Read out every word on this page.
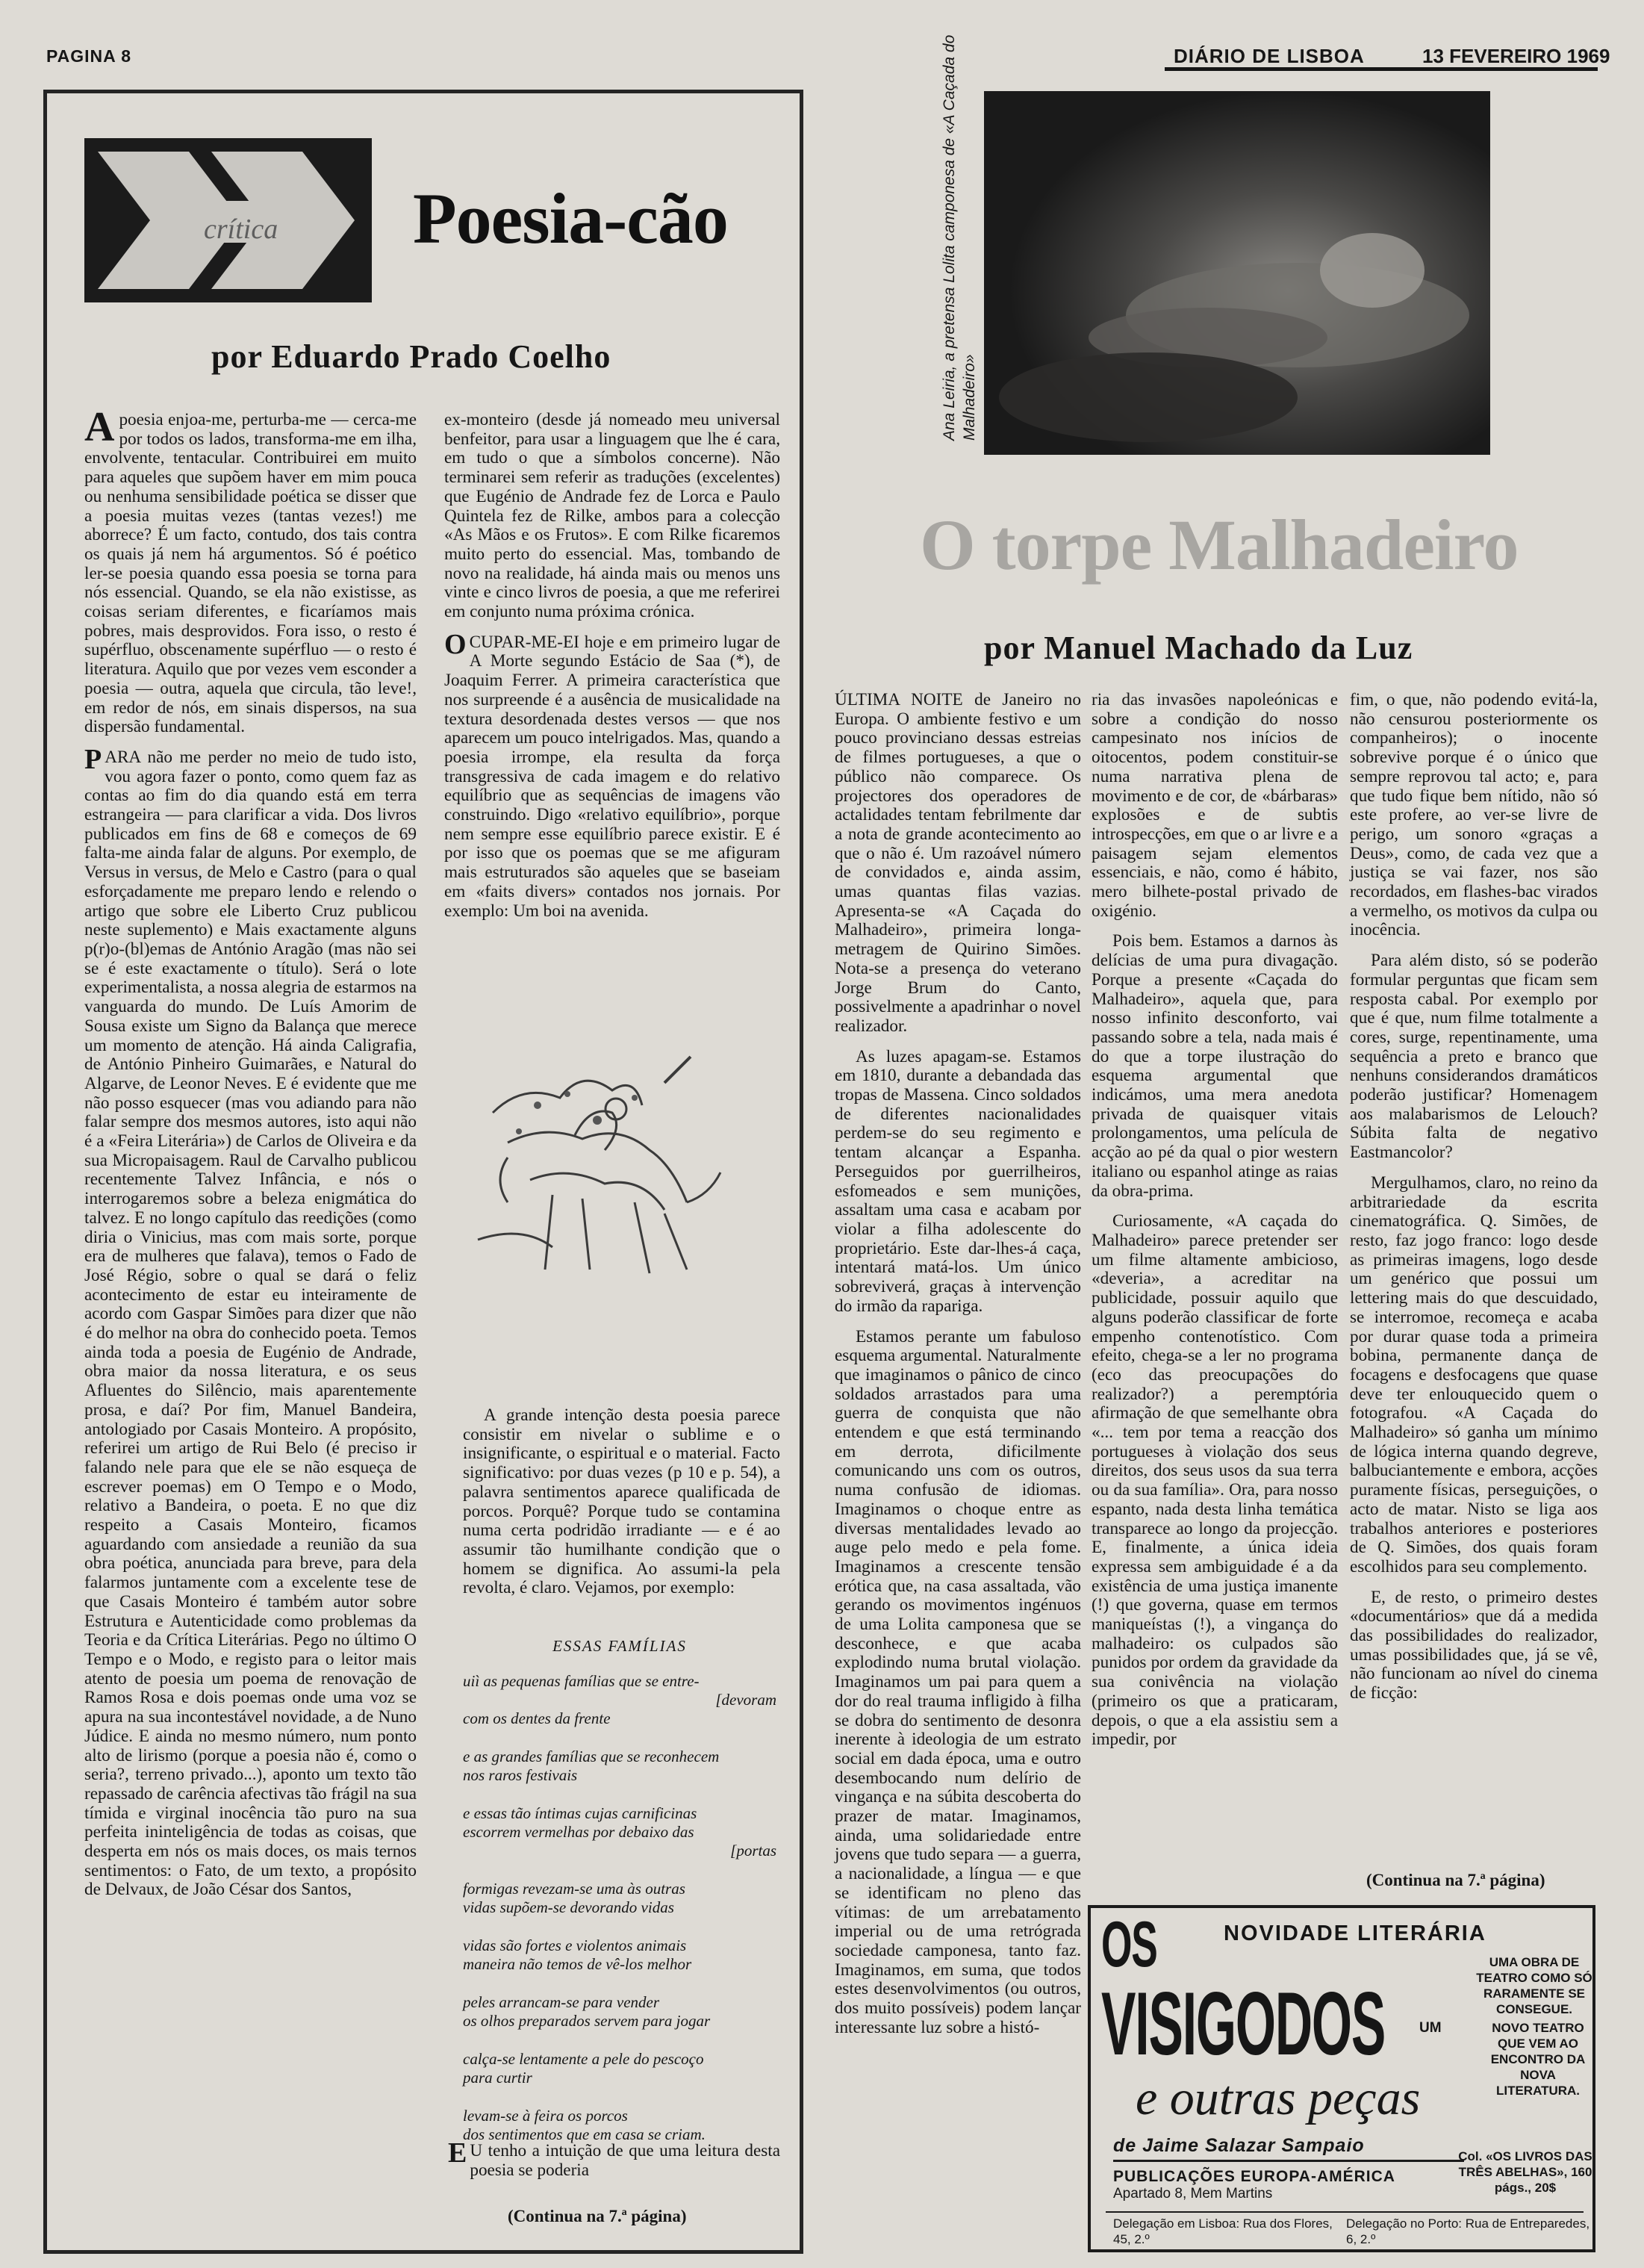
PAGINA 8	DIÁRIO DE LISBOA	13 FEVEREIRO 1969
crítica Poesia-cão
por Eduardo Prado Coelho

Apoesia enjoa-me, perturba-me — cerca-me por todos os lados, transforma-me em ilha, envolvente, tentacular. Contribuirei em muito para aqueles que supõem haver em mim pouca ou nenhuma sensibilidade poética se disser que a poesia muitas vezes (tantas vezes!) me aborrece? É um facto, contudo, dos tais contra os quais já nem há argumentos. Só é poético ler-se poesia quando essa poesia se torna para nós essencial. Quando, se ela não existisse, as coisas seriam diferentes, e ficaríamos mais pobres, mais desprovidos. Fora isso, o resto é supérfluo, obscenamente supérfluo — o resto é literatura. Aquilo que por vezes vem esconder a poesia — outra, aquela que circula, tão leve!, em redor de nós, em sinais dispersos, na sua dispersão fundamental.

PARA não me perder no meio de tudo isto, vou agora fazer o ponto, como quem faz as contas ao fim do dia quando está em terra estrangeira — para clarificar a vida. Dos livros publicados em fins de 68 e começos de 69 falta-me ainda falar de alguns. Por exemplo, de Versus in versus, de Melo e Castro (para o qual esforçadamente me preparo lendo e relendo o artigo que sobre ele Liberto Cruz publicou neste suplemento) e Mais exactamente alguns p(r)o-(bl)emas de António Aragão (mas não sei se é este exactamente o título). Será o lote experimentalista, a nossa alegria de estarmos na vanguarda do mundo. De Luís Amorim de Sousa existe um Signo da Balança que merece um momento de atenção. Há ainda Caligrafia, de António Pinheiro Guimarães, e Natural do Algarve, de Leonor Neves. E é evidente que me não posso esquecer (mas vou adiando para não falar sempre dos mesmos autores, isto aqui não é a «Feira Literária») de Carlos de Oliveira e da sua Micropaisagem. Raul de Carvalho publicou recentemente Talvez Infância, e nós o interrogaremos sobre a beleza enigmática do talvez. E no longo capítulo das reedições (como diria o Vinicius, mas com mais sorte, porque era de mulheres que falava), temos o Fado de José Régio, sobre o qual se dará o feliz acontecimento de estar eu inteiramente de acordo com Gaspar Simões para dizer que não é do melhor na obra do conhecido poeta. Temos ainda toda a poesia de Eugénio de Andrade, obra maior da nossa literatura, e os seus Afluentes do Silêncio, mais aparentemente prosa, e daí? Por fim, Manuel Bandeira, antologiado por Casais Monteiro. A propósito, referirei um artigo de Rui Belo (é preciso ir falando nele para que ele se não esqueça de escrever poemas) em O Tempo e o Modo, relativo a Bandeira, o poeta. E no que diz respeito a Casais Monteiro, ficamos aguardando com ansiedade a reunião da sua obra poética, anunciada para breve, para dela falarmos juntamente com a excelente tese de que Casais Monteiro é também autor sobre Estrutura e Autenticidade como problemas da Teoria e da Crítica Literárias. Pego no último O Tempo e o Modo, e registo para o leitor mais atento de poesia um poema de renovação de Ramos Rosa e dois poemas onde uma voz se apura na sua incontestável novidade, a de Nuno Júdice. E ainda no mesmo número, num ponto alto de lirismo (porque a poesia não é, como o seria?, terreno privado...), aponto um texto tão repassado de carência afectivas tão frágil na sua tímida e virginal inocência tão puro na sua perfeita ininteligência de todas as coisas, que desperta em nós os mais doces, os mais ternos sentimentos: o Fato, de um texto, a propósito de Delvaux, de João César dos Santos,

ex-monteiro (desde já nomeado meu universal benfeitor, para usar a linguagem que lhe é cara, em tudo o que a símbolos concerne). Não terminarei sem referir as traduções (excelentes) que Eugénio de Andrade fez de Lorca e Paulo Quintela fez de Rilke, ambos para a colecção «As Mãos e os Frutos». E com Rilke ficaremos muito perto do essencial. Mas, tombando de novo na realidade, há ainda mais ou menos uns vinte e cinco livros de poesia, a que me referirei em conjunto numa próxima crónica.

OCUPAR-ME-EI hoje e em primeiro lugar de A Morte segundo Estácio de Saa (*), de Joaquim Ferrer. A primeira característica que nos surpreende é a ausência de musicalidade na textura desordenada destes versos — que nos aparecem um pouco intelrigados. Mas, quando a poesia irrompe, ela resulta da força transgressiva de cada imagem e do relativo equilíbrio que as sequências de imagens vão construindo. Digo «relativo equilíbrio», porque nem sempre esse equilíbrio parece existir. E é por isso que os poemas que se me afiguram mais estruturados são aqueles que se baseiam em «faits divers» contados nos jornais. Por exemplo: Um boi na avenida.

A grande intenção desta poesia parece consistir em nivelar o sublime e o insignificante, o espiritual e o material. Facto significativo: por duas vezes (p 10 e p. 54), a palavra sentimentos aparece qualificada de porcos. Porquê? Porque tudo se contamina numa certa podridão irradiante — e é ao assumir tão humilhante condição que o homem se dignifica. Ao assumi-la pela revolta, é claro. Vejamos, por exemplo:

ESSAS FAMÍLIAS
uiì as pequenas famílias que se entre-
[devoram
com os dentes da frente
e as grandes famílias que se reconhecem
nos raros festivais
e essas tão íntimas cujas carnificinas
escorrem vermelhas por debaixo das
[portas
formigas revezam-se uma às outras
vidas supõem-se devorando vidas
vidas são fortes e violentos animais
maneira não temos de vê-los melhor
peles arrancam-se para vender
os olhos preparados servem para jogar
calça-se lentamente a pele do pescoço
para curtir
levam-se à feira os porcos
dos sentimentos que em casa se criam.

EU tenho a intuição de que uma leitura desta poesia se poderia

(Continua na 7.ª página)
Ana Leiria, a pretensa Lolita camponesa de «A Caçada do Malhadeiro»
O torpe Malhadeiro
por Manuel Machado da Luz

ÚLTIMA NOITE de Janeiro no Europa. O ambiente festivo e um pouco provinciano dessas estreias de filmes portugueses, a que o público não comparece. Os projectores dos operadores de actalidades tentam febrilmente dar a nota de grande acontecimento ao que o não é. Um razoável número de convidados e, ainda assim, umas quantas filas vazias. Apresenta-se «A Caçada do Malhadeiro», primeira longa-metragem de Quirino Simões. Nota-se a presença do veterano Jorge Brum do Canto, possivelmente a apadrinhar o novel realizador.

As luzes apagam-se. Estamos em 1810, durante a debandada das tropas de Massena. Cinco soldados de diferentes nacionalidades perdem-se do seu regimento e tentam alcançar a Espanha. Perseguidos por guerrilheiros, esfomeados e sem munições, assaltam uma casa e acabam por violar a filha adolescente do proprietário. Este dar-lhes-á caça, intentará matá-los. Um único sobreviverá, graças à intervenção do irmão da rapariga.

Estamos perante um fabuloso esquema argumental. Naturalmente que imaginamos o pânico de cinco soldados arrastados para uma guerra de conquista que não entendem e que está terminando em derrota, dificilmente comunicando uns com os outros, numa confusão de idiomas. Imaginamos o choque entre as diversas mentalidades levado ao auge pelo medo e pela fome. Imaginamos a crescente tensão erótica que, na casa assaltada, vão gerando os movimentos ingénuos de uma Lolita camponesa que se desconhece, e que acaba explodindo numa brutal violação. Imaginamos um pai para quem a dor do real trauma infligido à filha se dobra do sentimento de desonra inerente à ideologia de um estrato social em dada época, uma e outro desembocando num delírio de vingança e na súbita descoberta do prazer de matar. Imaginamos, ainda, uma solidariedade entre jovens que tudo separa — a guerra, a nacionalidade, a língua — e que se identificam no pleno das vítimas: de um arrebatamento imperial ou de uma retrógrada sociedade camponesa, tanto faz. Imaginamos, em suma, que todos estes desenvolvimentos (ou outros, dos muito possíveis) podem lançar interessante luz sobre a histó-

ria das invasões napoleónicas e sobre a condição do nosso campesinato nos inícios de oitocentos, podem constituir-se numa narrativa plena de movimento e de cor, de «bárbaras» explosões e de subtis introspecções, em que o ar livre e a paisagem sejam elementos essenciais, e não, como é hábito, mero bilhete-postal privado de oxigénio.

Pois bem. Estamos a darnos às delícias de uma pura divagação. Porque a presente «Caçada do Malhadeiro», aquela que, para nosso infinito desconforto, vai passando sobre a tela, nada mais é do que a torpe ilustração do esquema argumental que indicámos, uma mera anedota privada de quaisquer vitais prolongamentos, uma película de acção ao pé da qual o pior western italiano ou espanhol atinge as raias da obra-prima.

Curiosamente, «A caçada do Malhadeiro» parece pretender ser um filme altamente ambicioso, «deveria», a acreditar na publicidade, possuir aquilo que alguns poderão classificar de forte empenho contenotístico. Com efeito, chega-se a ler no programa (eco das preocupações do realizador?) a peremptória afirmação de que semelhante obra «... tem por tema a reacção dos portugueses à violação dos seus direitos, dos seus usos da sua terra ou da sua família». Ora, para nosso espanto, nada desta linha temática transparece ao longo da projecção. E, finalmente, a única ideia expressa sem ambiguidade é a da existência de uma justiça imanente (!) que governa, quase em termos maniqueístas (!), a vingança do malhadeiro: os culpados são punidos por ordem da gravidade da sua conivência na violação (primeiro os que a praticaram, depois, o que a ela assistiu sem a impedir, por

fim, o que, não podendo evitá-la, não censurou posteriormente os companheiros); o inocente sobrevive porque é o único que sempre reprovou tal acto; e, para que tudo fique bem nítido, não só este profere, ao ver-se livre de perigo, um sonoro «graças a Deus», como, de cada vez que a justiça se vai fazer, nos são recordados, em flashes-bac virados a vermelho, os motivos da culpa ou inocência.

Para além disto, só se poderão formular perguntas que ficam sem resposta cabal. Por exemplo por que é que, num filme totalmente a cores, surge, repentinamente, uma sequência a preto e branco que nenhuns considerandos dramáticos poderão justificar? Homenagem aos malabarismos de Lelouch? Súbita falta de negativo Eastmancolor?

Mergulhamos, claro, no reino da arbitrariedade da escrita cinematográfica. Q. Simões, de resto, faz jogo franco: logo desde as primeiras imagens, logo desde um genérico que possui um lettering mais do que descuidado, se interromoe, recomeça e acaba por durar quase toda a primeira bobina, permanente dança de focagens e desfocagens que quase deve ter enlouquecido quem o fotografou. «A Caçada do Malhadeiro» só ganha um mínimo de lógica interna quando degreve, balbuciantemente e embora, acções puramente físicas, perseguições, o acto de matar. Nisto se liga aos trabalhos anteriores e posteriores de Q. Simões, dos quais foram escolhidos para seu complemento.

E, de resto, o primeiro destes «documentários» que dá a medida das possibilidades do realizador, umas possibilidades que, já se vê, não funcionam ao nível do cinema de ficção:

(Continua na 7.ª página)
OS	NOVIDADE LITERÁRIA
VISIGODOS
e outras peças
UMA OBRA DE TEATRO COMO SÓ RARAMENTE SE CONSEGUE.
UM	NOVO TEATRO QUE VEM AO ENCONTRO DA NOVA LITERATURA.
de Jaime Salazar Sampaio
Col. «OS LIVROS DAS TRÊS ABELHAS», 160 págs., 20$
PUBLICAÇÕES EUROPA-AMÉRICA
Apartado 8, Mem Martins
Delegação em Lisboa: Rua dos Flores, 45, 2.º
Delegação no Porto: Rua de Entreparedes, 6, 2.º
